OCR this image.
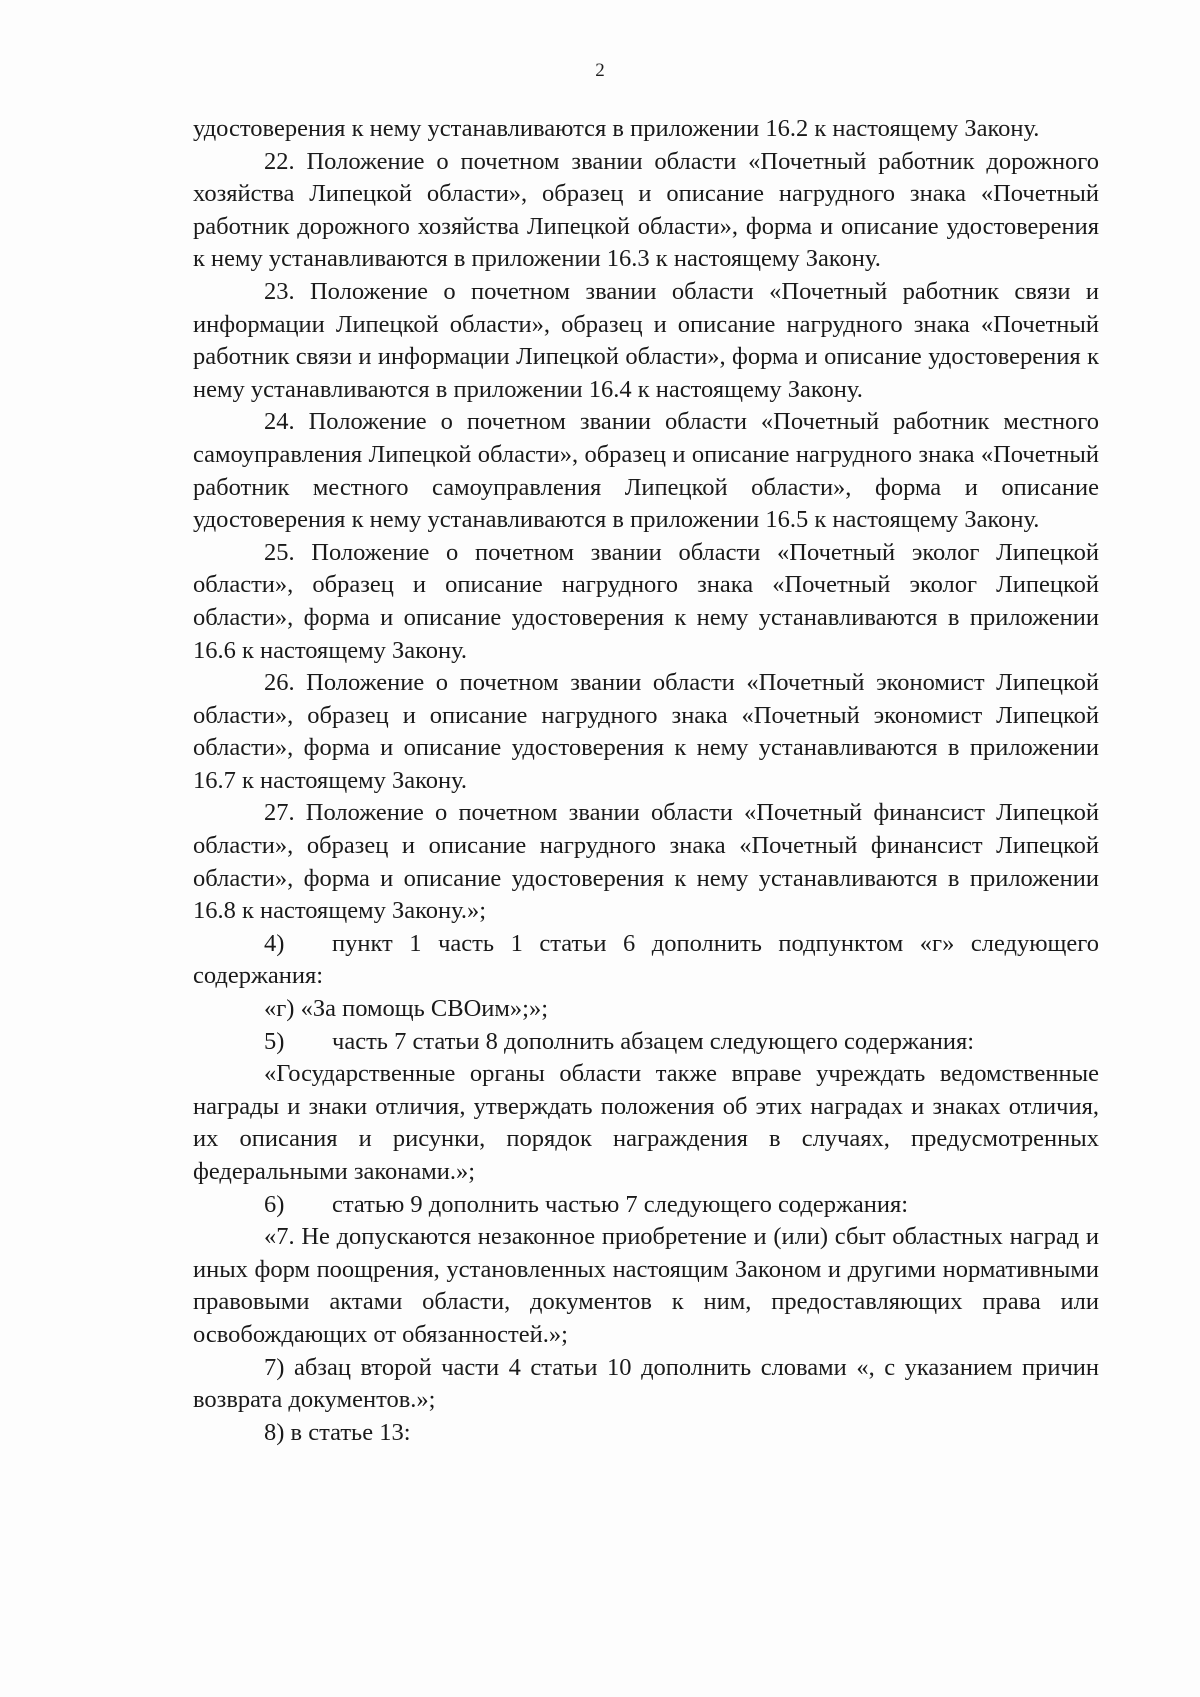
2

удостоверения к нему устанавливаются в приложении 16.2 к настоящему Закону.

22. Положение о почетном звании области «Почетный работник дорожного хозяйства Липецкой области», образец и описание нагрудного знака «Почетный работник дорожного хозяйства Липецкой области», форма и описание удостоверения к нему устанавливаются в приложении 16.3 к настоящему Закону.

23. Положение о почетном звании области «Почетный работник связи и информации Липецкой области», образец и описание нагрудного знака «Почетный работник связи и информации Липецкой области», форма и описание удостоверения к нему устанавливаются в приложении 16.4 к настоящему Закону.

24. Положение о почетном звании области «Почетный работник местного самоуправления Липецкой области», образец и описание нагрудного знака «Почетный работник местного самоуправления Липецкой области», форма и описание удостоверения к нему устанавливаются в приложении 16.5 к настоящему Закону.

25. Положение о почетном звании области «Почетный эколог Липецкой области», образец и описание нагрудного знака «Почетный эколог Липецкой области», форма и описание удостоверения к нему устанавливаются в приложении 16.6 к настоящему Закону.

26. Положение о почетном звании области «Почетный экономист Липецкой области», образец и описание нагрудного знака «Почетный экономист Липецкой области», форма и описание удостоверения к нему устанавливаются в приложении 16.7 к настоящему Закону.

27. Положение о почетном звании области «Почетный финансист Липецкой области», образец и описание нагрудного знака «Почетный финансист Липецкой области», форма и описание удостоверения к нему устанавливаются в приложении 16.8 к настоящему Закону.»;

4) пункт 1 часть 1 статьи 6 дополнить подпунктом «г» следующего содержания:

«г) «За помощь СВОим»;»;

5) часть 7 статьи 8 дополнить абзацем следующего содержания:

«Государственные органы области также вправе учреждать ведомственные награды и знаки отличия, утверждать положения об этих наградах и знаках отличия, их описания и рисунки, порядок награждения в случаях, предусмотренных федеральными законами.»;

6) статью 9 дополнить частью 7 следующего содержания:

«7. Не допускаются незаконное приобретение и (или) сбыт областных наград и иных форм поощрения, установленных настоящим Законом и другими нормативными правовыми актами области, документов к ним, предоставляющих права или освобождающих от обязанностей.»;

7) абзац второй части 4 статьи 10 дополнить словами «, с указанием причин возврата документов.»;

8) в статье 13:
